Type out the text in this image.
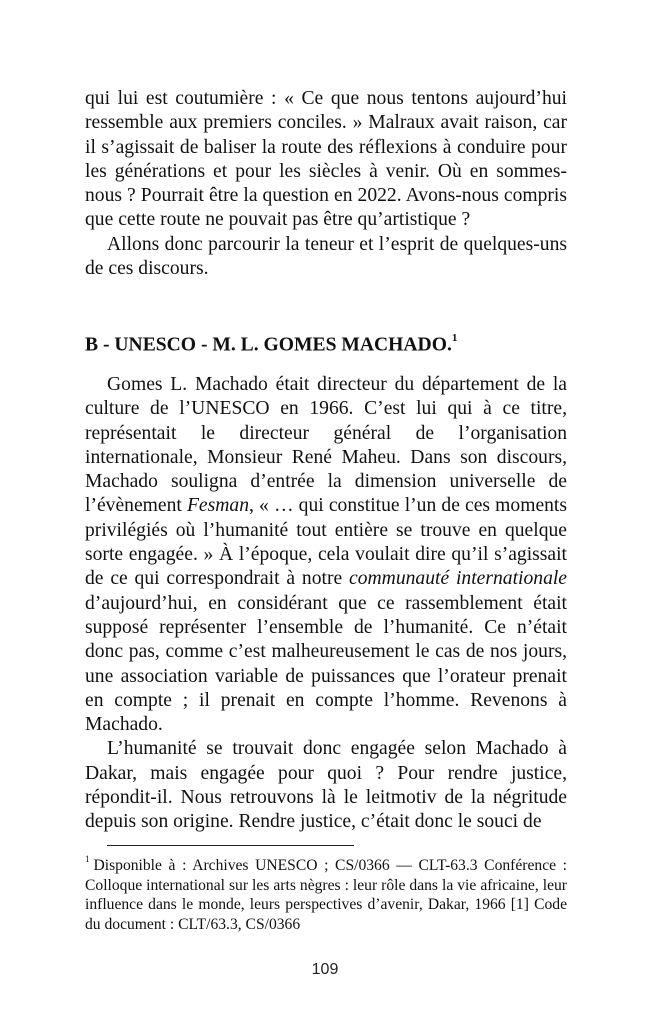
qui lui est coutumière : « Ce que nous tentons aujourd’hui ressemble aux premiers conciles. » Malraux avait raison, car il s’agissait de baliser la route des réflexions à conduire pour les générations et pour les siècles à venir. Où en sommes-nous ? Pourrait être la question en 2022. Avons-nous compris que cette route ne pouvait pas être qu’artistique ?

Allons donc parcourir la teneur et l’esprit de quelques-uns de ces discours.

B - UNESCO - M. L. GOMES MACHADO.$^1$

Gomes L. Machado était directeur du département de la culture de l’UNESCO en 1966. C’est lui qui à ce titre, représentait le directeur général de l’organisation internationale, Monsieur René Maheu. Dans son discours, Machado souligna d’entrée la dimension universelle de l’évènement Fesman, « … qui constitue l’un de ces moments privilégiés où l’humanité tout entière se trouve en quelque sorte engagée. » À l’époque, cela voulait dire qu’il s’agissait de ce qui correspondrait à notre communauté internationale d’aujourd’hui, en considérant que ce rassemblement était supposé représenter l’ensemble de l’humanité. Ce n’était donc pas, comme c’est malheureusement le cas de nos jours, une association variable de puissances que l’orateur prenait en compte ; il prenait en compte l’homme. Revenons à Machado.

L’humanité se trouvait donc engagée selon Machado à Dakar, mais engagée pour quoi ? Pour rendre justice, répondit-il. Nous retrouvons là le leitmotiv de la négritude depuis son origine. Rendre justice, c’était donc le souci de

$^1$ Disponible à : Archives UNESCO ; CS/0366 — CLT-63.3 Conférence : Colloque international sur les arts nègres : leur rôle dans la vie africaine, leur influence dans le monde, leurs perspectives d’avenir, Dakar, 1966 [1] Code du document : CLT/63.3, CS/0366
109
